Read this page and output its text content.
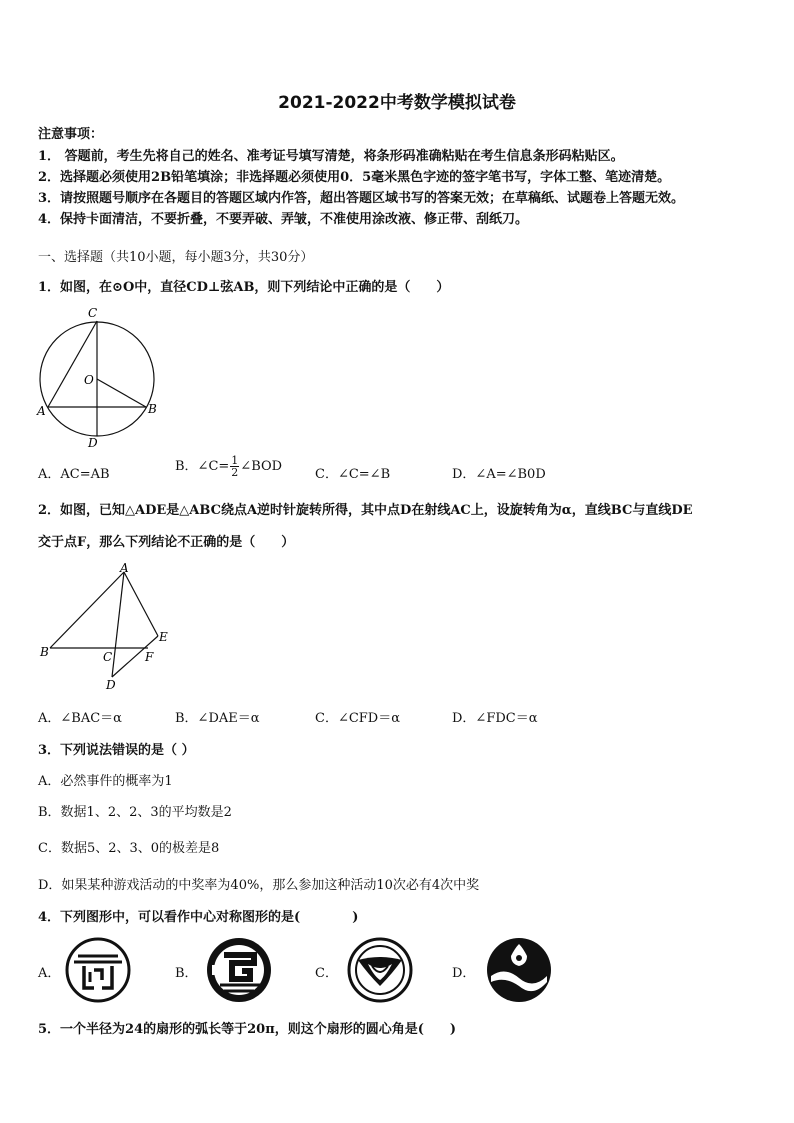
2021-2022中考数学模拟试卷
注意事项：
1． 答题前，考生先将自己的姓名、准考证号填写清楚，将条形码准确粘贴在考生信息条形码粘贴区。
2．选择题必须使用2B铅笔填涂；非选择题必须使用0．5毫米黑色字迹的签字笔书写，字体工整、笔迹清楚。
3．请按照题号顺序在各题目的答题区域内作答，超出答题区域书写的答案无效；在草稿纸、试题卷上答题无效。
4．保持卡面清洁，不要折叠，不要弄破、弄皱，不准使用涂改液、修正带、刮纸刀。
一、选择题（共10小题，每小题3分，共30分）
1．如图，在⊙O中，直径CD⊥弦AB，则下列结论中正确的是（　　）
C
O
A	B
D
A．AC=AB
B．∠C= $\frac{1}{2}$ ∠BOD
C．∠C=∠B	D．∠A=∠B0D
2．如图，已知△ADE是△ABC绕点A逆时针旋转所得，其中点D在射线AC上，设旋转角为α，直线BC与直线DE
交于点F，那么下列结论不正确的是（　　）
A
B	C
E
F
D
A．∠BAC＝α	B．∠DAE＝α	C．∠CFD＝α	D．∠FDC＝α
3．下列说法错误的是（ ）
A．必然事件的概率为1
B．数据1、2、2、3的平均数是2
C．数据5、2、3、0的极差是8
D．如果某种游戏活动的中奖率为40%，那么参加这种活动10次必有4次中奖
4．下列图形中，可以看作中心对称图形的是(　　　　)
A．	B．	C．	D．
5．一个半径为24的扇形的弧长等于20π，则这个扇形的圆心角是(　　)
